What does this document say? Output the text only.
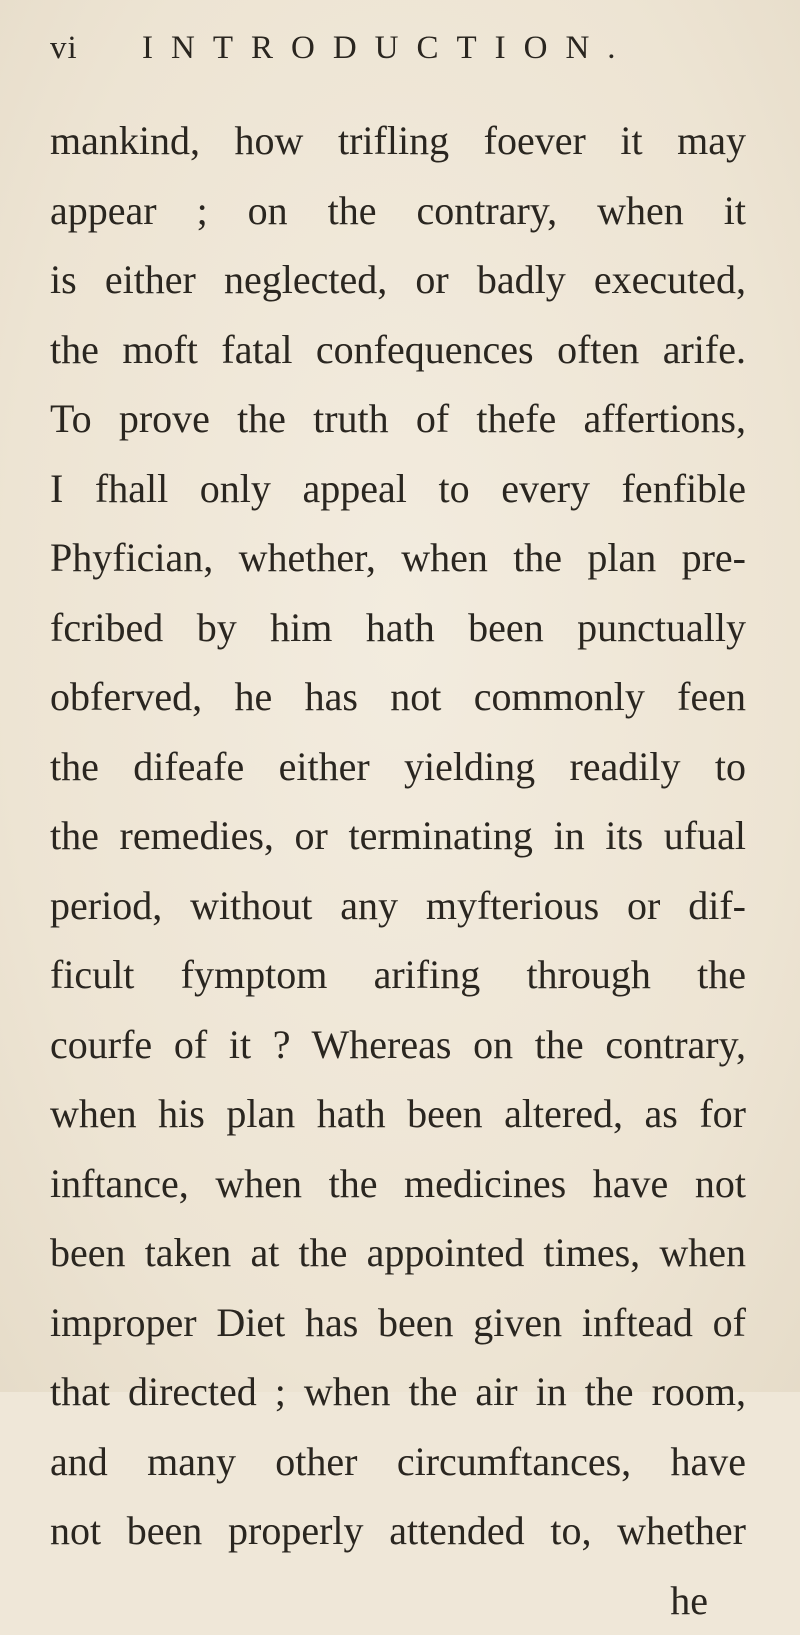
vi	INTRODUCTION.
mankind, how trifling foever it may
appear ; on the contrary, when it
is either neglected, or badly executed,
the moft fatal confequences often arife.
To prove the truth of thefe affertions,
I fhall only appeal to every fenfible
Phyfician, whether, when the plan pre-
fcribed by him hath been punctually
obferved, he has not commonly feen
the difeafe either yielding readily to
the remedies, or terminating in its ufual
period, without any myfterious or dif-
ficult fymptom arifing through the
courfe of it ? Whereas on the contrary,
when his plan hath been altered, as for
inftance, when the medicines have not
been taken at the appointed times, when
improper Diet has been given inftead of
that directed ; when the air in the room,
and many other circumftances, have
not been properly attended to, whether
he
